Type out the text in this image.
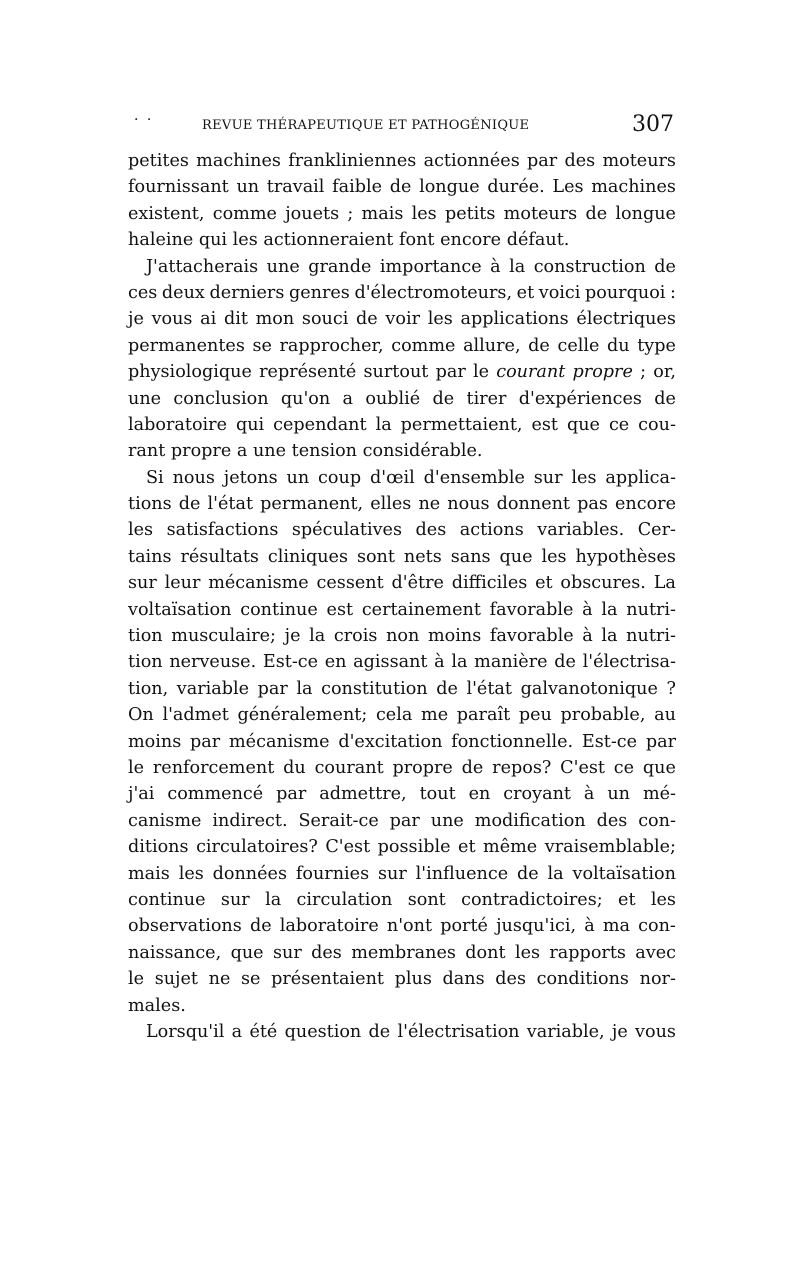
· ·	REVUE THÉRAPEUTIQUE ET PATHOGÉNIQUE	307
petites machines frankliniennes actionnées par des moteurs
fournissant un travail faible de longue durée. Les machines
existent, comme jouets ; mais les petits moteurs de longue
haleine
qui
les
actionneraient
font
encore
défaut.
J'attacherais une grande importance à la construction de
ces deux derniers genres d'électromoteurs, et voici pourquoi :
je vous ai dit mon souci de voir les applications électriques
permanentes se rapprocher, comme allure, de celle du type
physiologique représenté surtout par le courant propre ; or,
une conclusion qu'on a oublié de tirer d'expériences de
laboratoire qui cependant la permettaient, est que ce cou-
rant
propre
a
une
tension
considérable.
Si nous jetons un coup d'œil d'ensemble sur les applica-
tions de l'état permanent, elles ne nous donnent pas encore
les satisfactions spéculatives des actions variables. Cer-
tains résultats cliniques sont nets sans que les hypothèses
sur leur mécanisme cessent d'être difficiles et obscures. La
voltaïsation continue est certainement favorable à la nutri-
tion musculaire; je la crois non moins favorable à la nutri-
tion nerveuse. Est-ce en agissant à la manière de l'électrisa-
tion, variable par la constitution de l'état galvanotonique ?
On l'admet généralement; cela me paraît peu probable, au
moins par mécanisme d'excitation fonctionnelle. Est-ce par
le renforcement du courant propre de repos? C'est ce que
j'ai commencé par admettre, tout en croyant à un mé-
canisme indirect. Serait-ce par une modification des con-
ditions circulatoires? C'est possible et même vraisemblable;
mais les données fournies sur l'influence de la voltaïsation
continue sur la circulation sont contradictoires; et les
observations de laboratoire n'ont porté jusqu'ici, à ma con-
naissance, que sur des membranes dont les rapports avec
le sujet ne se présentaient plus dans des conditions nor-
males.
Lorsqu'il a été question de l'électrisation variable, je vous
